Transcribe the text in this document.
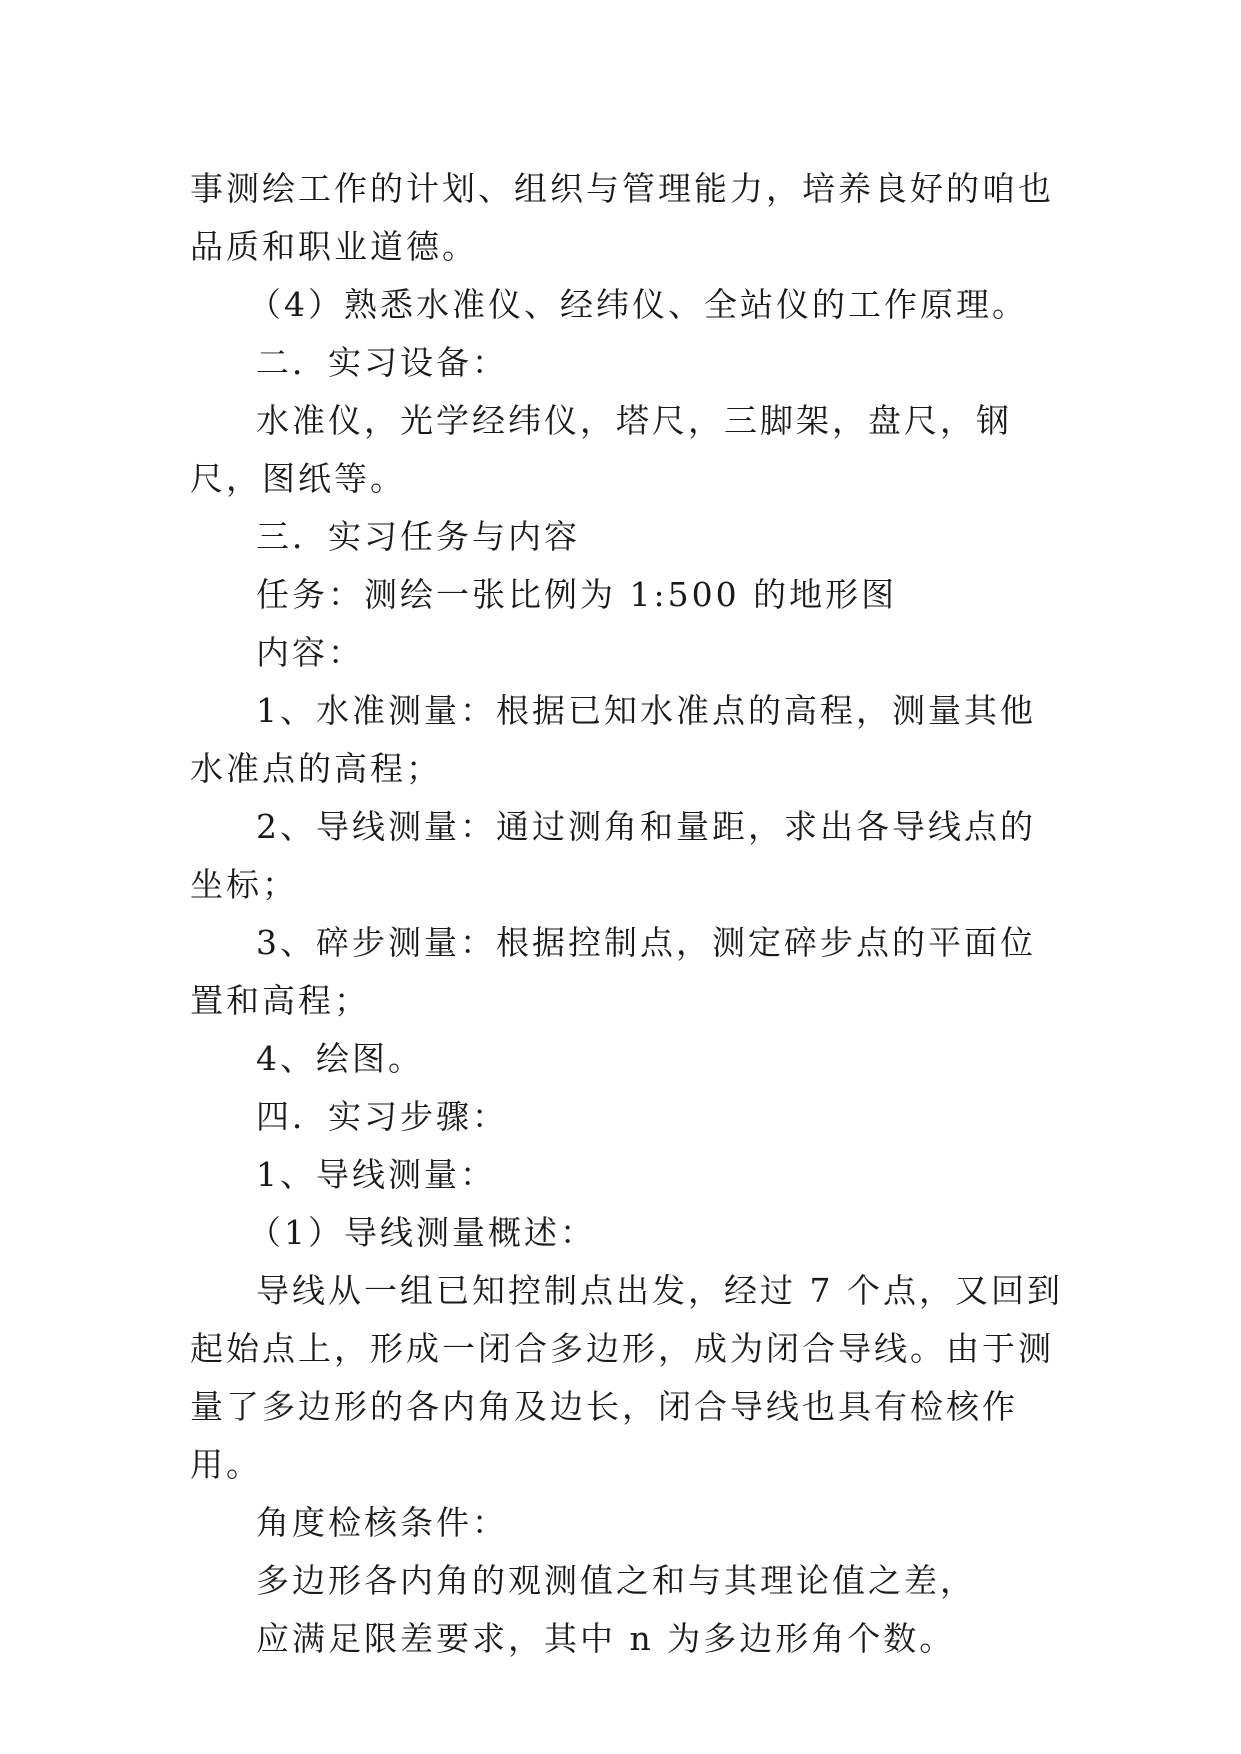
事测绘工作的计划、组织与管理能力，培养良好的咱也品质和职业道德。

（4）熟悉水准仪、经纬仪、全站仪的工作原理。

二．实习设备：

水准仪，光学经纬仪，塔尺，三脚架，盘尺，钢尺，图纸等。

三．实习任务与内容

任务：测绘一张比例为 1:500 的地形图

内容：

1、水准测量：根据已知水准点的高程，测量其他水准点的高程；

2、导线测量：通过测角和量距，求出各导线点的坐标；

3、碎步测量：根据控制点，测定碎步点的平面位置和高程；

4、绘图。

四．实习步骤：

1、导线测量：

（1）导线测量概述：

导线从一组已知控制点出发，经过 7 个点，又回到起始点上，形成一闭合多边形，成为闭合导线。由于测量了多边形的各内角及边长，闭合导线也具有检核作用。

角度检核条件：

多边形各内角的观测值之和与其理论值之差，

应满足限差要求，其中 n 为多边形角个数。
